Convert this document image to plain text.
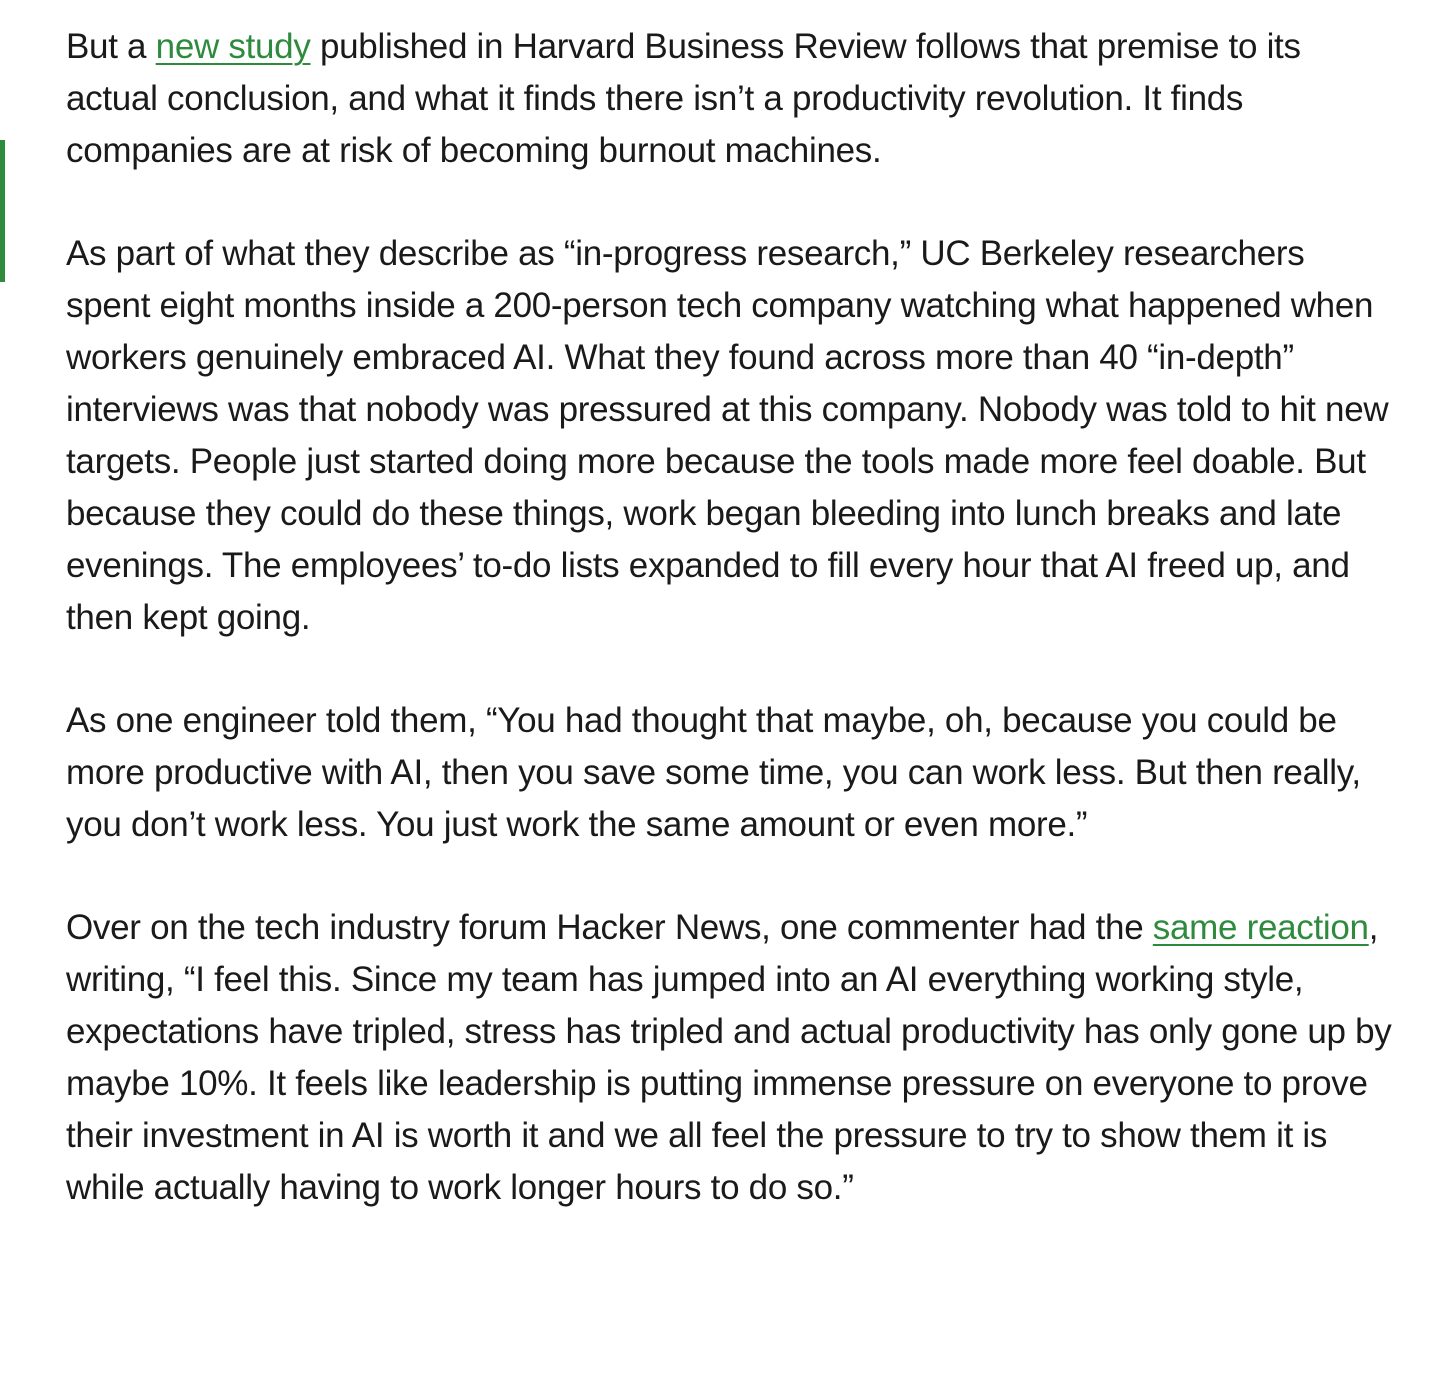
But a new study published in Harvard Business Review follows that premise to its actual conclusion, and what it finds there isn’t a productivity revolution. It finds companies are at risk of becoming burnout machines.

As part of what they describe as “in-progress research,” UC Berkeley researchers spent eight months inside a 200-person tech company watching what happened when workers genuinely embraced AI. What they found across more than 40 “in-depth” interviews was that nobody was pressured at this company. Nobody was told to hit new targets. People just started doing more because the tools made more feel doable. But because they could do these things, work began bleeding into lunch breaks and late evenings. The employees’ to-do lists expanded to fill every hour that AI freed up, and then kept going.

As one engineer told them, “You had thought that maybe, oh, because you could be more productive with AI, then you save some time, you can work less. But then really, you don’t work less. You just work the same amount or even more.”

Over on the tech industry forum Hacker News, one commenter had the same reaction, writing, “I feel this. Since my team has jumped into an AI everything working style, expectations have tripled, stress has tripled and actual productivity has only gone up by maybe 10%. It feels like leadership is putting immense pressure on everyone to prove their investment in AI is worth it and we all feel the pressure to try to show them it is while actually having to work longer hours to do so.”
